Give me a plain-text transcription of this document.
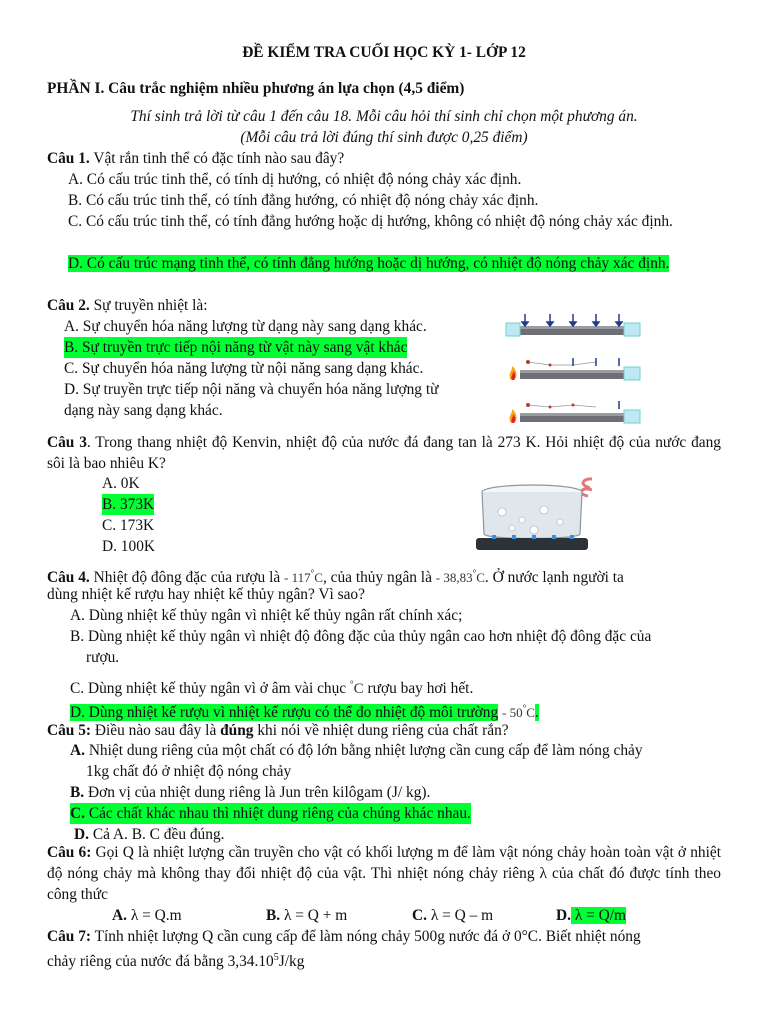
ĐỀ KIỂM TRA CUỐI HỌC KỲ 1- LỚP 12
PHẦN I. Câu trắc nghiệm nhiều phương án lựa chọn (4,5 điểm)
Thí sinh trả lời từ câu 1 đến câu 18. Mỗi câu hỏi thí sinh chỉ chọn một phương án.
(Mỗi câu trả lời đúng thí sinh được 0,25 điểm)
Câu 1. Vật rắn tinh thể có đặc tính nào sau đây?
A. Có cấu trúc tinh thể, có tính dị hướng, có nhiệt độ nóng chảy xác định.
B. Có cấu trúc tinh thể, có tính đẳng hướng, có nhiệt độ nóng chảy xác định.
C. Có cấu trúc tinh thể, có tính đẳng hướng hoặc dị hướng, không có nhiệt độ nóng chảy xác định.
D. Có cấu trúc mạng tinh thể, có tính đẳng hướng hoặc dị hướng, có nhiệt độ nóng chảy xác định.
Câu 2. Sự truyền nhiệt là:
A. Sự chuyển hóa năng lượng từ dạng này sang dạng khác.
B. Sự truyền trực tiếp nội năng từ vật này sang vật khác
C. Sự chuyển hóa năng lượng từ nội năng sang dạng khác.
D. Sự truyền trực tiếp nội năng và chuyển hóa năng lượng từ
dạng này sang dạng khác.
Câu 3. Trong thang nhiệt độ Kenvin, nhiệt độ của nước đá đang tan là 273 K. Hỏi nhiệt độ của nước đang sôi là bao nhiêu K?
A. 0K
B. 373K
C. 173K
D. 100K
Câu 4. Nhiệt độ đông đặc của rượu là - 117°C, của thủy ngân là - 38,83°C. Ở nước lạnh người ta
dùng nhiệt kế rượu hay nhiệt kế thủy ngân? Vì sao?
A. Dùng nhiệt kế thủy ngân vì nhiệt kế thủy ngân rất chính xác;
B. Dùng nhiệt kế thủy ngân vì nhiệt độ đông đặc của thủy ngân cao hơn nhiệt độ đông đặc của
rượu.
C. Dùng nhiệt kế thủy ngân vì ở âm vài chục °C rượu bay hơi hết.
D. Dùng nhiệt kế rượu vì nhiệt kế rượu có thể đo nhiệt độ môi trường - 50°C.
Câu 5: Điều nào sau đây là đúng khi nói về nhiệt dung riêng của chất rắn?
A. Nhiệt dung riêng của một chất có độ lớn bằng nhiệt lượng cần cung cấp để làm nóng chảy
1kg chất đó ở nhiệt độ nóng chảy
B. Đơn vị của nhiệt dung riêng là Jun trên kilôgam (J/ kg).
C. Các chất khác nhau thì nhiệt dung riêng của chúng khác nhau.
D. Cả A. B. C đều đúng.
Câu 6: Gọi Q là nhiệt lượng cần truyền cho vật có khối lượng m để làm vật nóng chảy hoàn toàn vật ở nhiệt độ nóng chảy mà không thay đổi nhiệt độ của vật. Thì nhiệt nóng chảy riêng λ của chất đó được tính theo công thức
A. λ = Q.m	B. λ = Q + m	C. λ = Q – m	D. λ = Q/m
Câu 7: Tính nhiệt lượng Q cần cung cấp để làm nóng chảy 500g nước đá ở 0°C. Biết nhiệt nóng
chảy riêng của nước đá bằng 3,34.10$^5$J/kg
